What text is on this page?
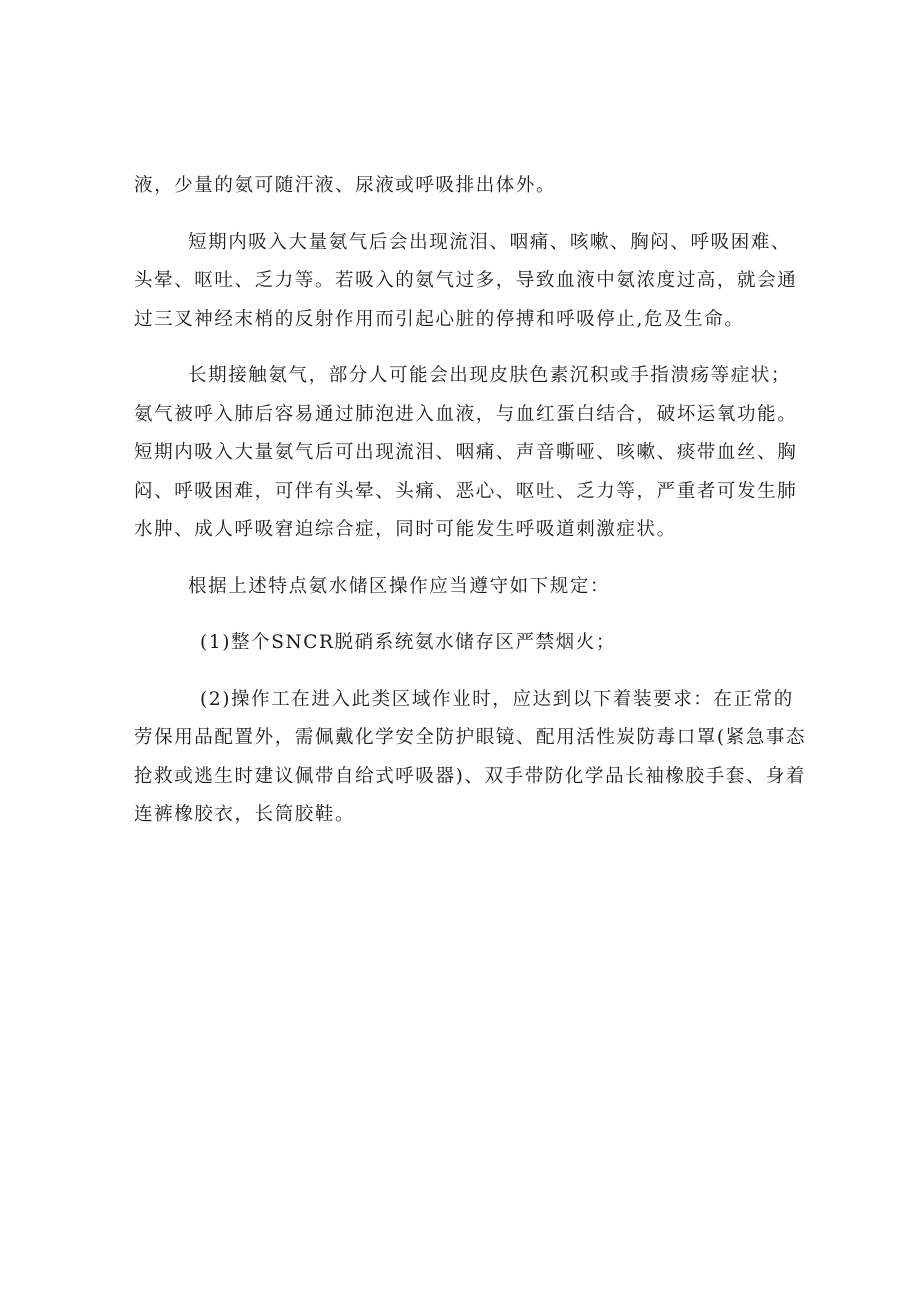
液，少量的氨可随汗液、尿液或呼吸排出体外。

短期内吸入大量氨气后会出现流泪、咽痛、咳嗽、胸闷、呼吸困难、
头晕、呕吐、乏力等。若吸入的氨气过多，导致血液中氨浓度过高，就会通
过三叉神经末梢的反射作用而引起心脏的停搏和呼吸停止,危及生命。

长期接触氨气，部分人可能会出现皮肤色素沉积或手指溃疡等症状；
氨气被呼入肺后容易通过肺泡进入血液，与血红蛋白结合，破坏运氧功能。
短期内吸入大量氨气后可出现流泪、咽痛、声音嘶哑、咳嗽、痰带血丝、胸
闷、呼吸困难，可伴有头晕、头痛、恶心、呕吐、乏力等，严重者可发生肺
水肿、成人呼吸窘迫综合症，同时可能发生呼吸道刺激症状。

根据上述特点氨水储区操作应当遵守如下规定：

(1)整个SNCR脱硝系统氨水储存区严禁烟火；

(2)操作工在进入此类区域作业时，应达到以下着装要求：在正常的
劳保用品配置外，需佩戴化学安全防护眼镜、配用活性炭防毒口罩(紧急事态
抢救或逃生时建议佩带自给式呼吸器)、双手带防化学品长袖橡胶手套、身着
连裤橡胶衣，长筒胶鞋。
